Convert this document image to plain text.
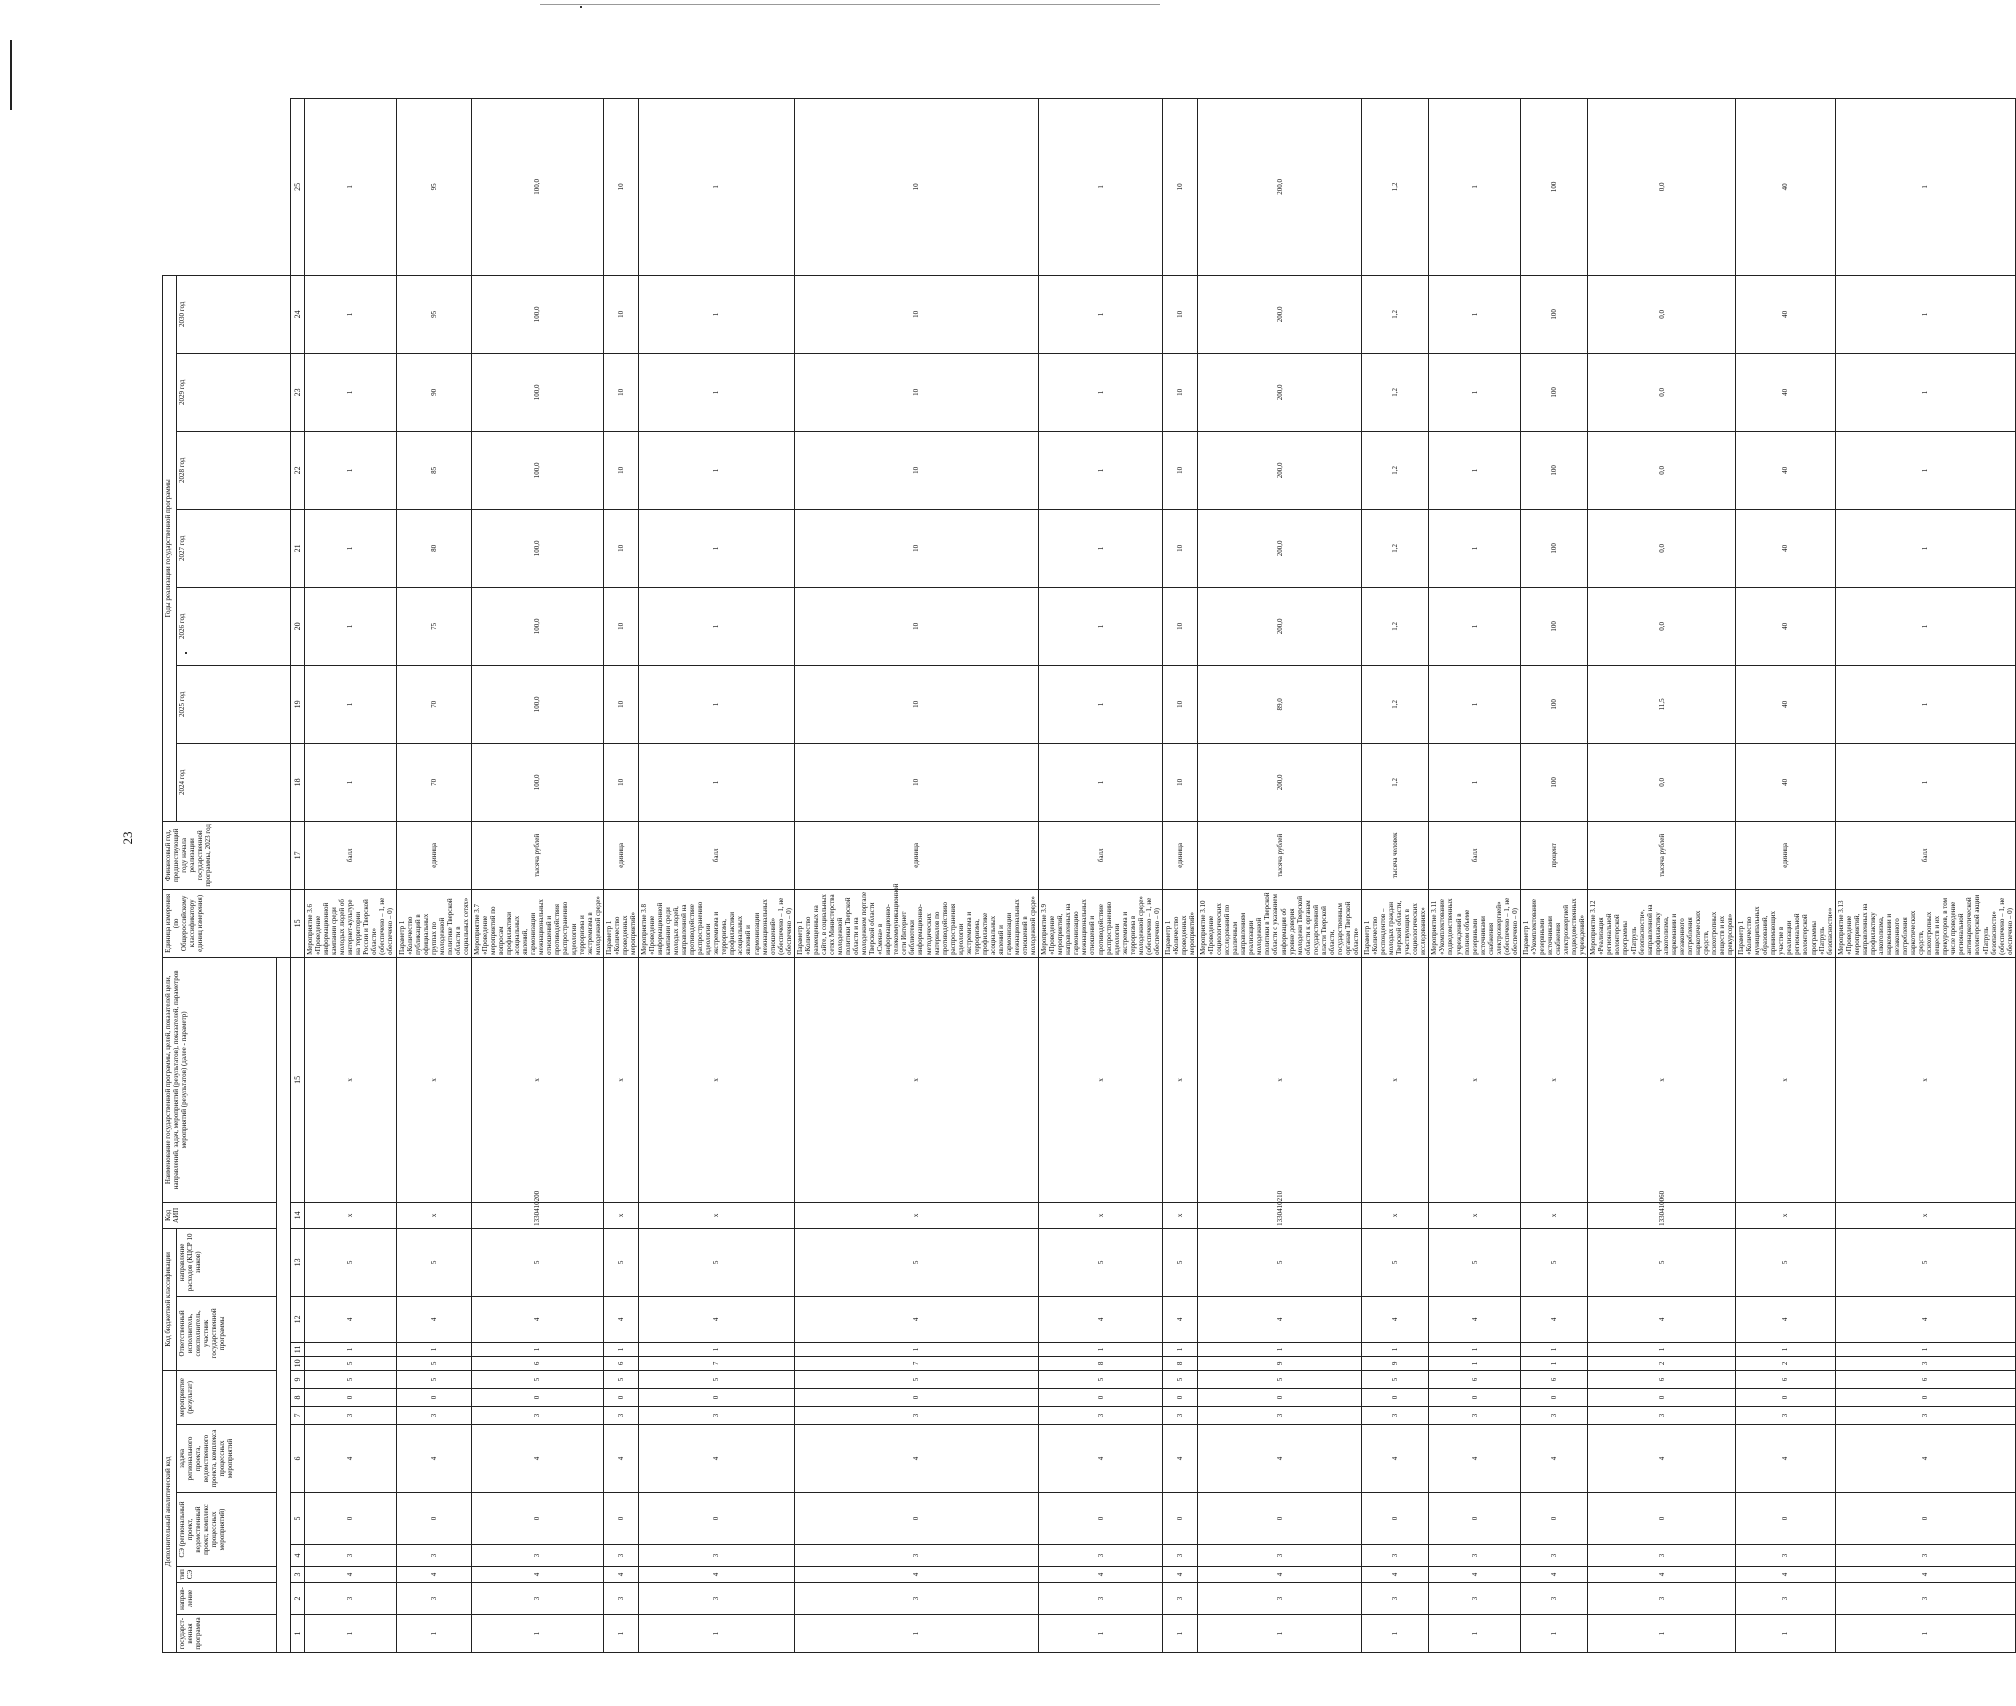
23
Дополнительный аналитический код									Код бюджетной классификации				Код АИП	Наименование государственной программы, целей, показателей цели, направлений, задач, мероприятий (результатов), показателей, параметров мероприятий (результатов) (далее - параметр)	Единица измерения (по Общероссийскому классификатору единиц измерения)	Финансовый год, предшествующий году начала реализации государственной программы, 2023 год	Годы реализации государственной программы							
государст-венная программа	направ-ление	тип СЭ	СЭ (региональный проект, ведомственный проект, комплекс процессных мероприятий)		задача регионального проекта, ведомственного проекта, комплекса процессных мероприятий	мероприятие (результат)			Ответственный исполнитель, соисполнитель, участник государственной программы			направление расходов (КЦСР 10 знаков)					2024 год	2025 год	2026 год	2027 год	2028 год	2029 год	2030 год	

1	2	3	4	5	6	7	8	9	10	11	12	13	14	15	15	17	18	19	20	21	22	23	24	25
1	3	4	3	0	4	3	0	5	5	1	4	5	х	х	Мероприятие 3.6 «Проведение информационной кампании среди молодых людей об интернет-культуре на территории России и Тверской области» (обеспечено – 1, не обеспечено – 0)	балл	1	1	1	1	1	1	1	1
1	3	4	3	0	4	3	0	5	5	1	4	5	х	х	Параметр 1 «Количество публикаций в официальных группах по молодежной политике Тверской области в социальных сетях»	единица	70	70	75	80	85	90	95	95
1	3	4	3	0	4	3	0	5	6	1	4	5	1330410200	х	Мероприятие 3.7 «Проведение мероприятий по вопросам профилактики асоциальных явлений, гармонизации межнациональных отношений и противодействия распространению идеологии терроризма и экстремизма в молодежной среде»	тысяча рублей	100,0	100,0	100,0	100,0	100,0	100,0	100,0	100,0
1	3	4	3	0	4	3	0	5	6	1	4	5	х	х	Параметр 1 «Количество проведенных мероприятий»	единица	10	10	10	10	10	10	10	10
1	3	4	3	0	4	3	0	5	7	1	4	5	х	х	Мероприятие 3.8 «Проведение информационной кампании среди молодых людей, направленной на противодействие распространению идеологии экстремизма и терроризма, профилактики асоциальных явлений и гармонизации межнациональных отношений» (обеспечено – 1, не обеспечено – 0)	балл	1	1	1	1	1	1	1	1
1	3	4	3	0	4	3	0	5	7	1	4	5	х	х	Параметр 1 «Количество размещенных на сайте, в социальных сетях Министерства молодежной политики Тверской области и на молодежном портале Тверской области «Смена» в информационно-телекоммуникационной сети Интернет библиотеки информационно-методических материалов по противодействию распространения идеологии экстремизма и терроризма, профилактике асоциальных явлений и гармонизации межнациональных отношений в молодежной среде»	единица	10	10	10	10	10	10	10	10
1	3	4	3	0	4	3	0	5	8	1	4	5	х	х	Мероприятие 3.9 «Проведение мероприятий, направленных на гармонизацию межнациональных отношений и противодействие распространению идеологии экстремизма и терроризма в молодежной среде» (обеспечено – 1, не обеспечено – 0)	балл	1	1	1	1	1	1	1	1
1	3	4	3	0	4	3	0	5	8	1	4	5	х	х	Параметр 1 «Количество проведенных мероприятий»	единица	10	10	10	10	10	10	10	10
1	3	4	3	0	4	3	0	5	9	1	4	5	1330410210	х	Мероприятие 3.10 «Проведение социологических исследований по различным направлениям реализации молодежной политики в Тверской области с указанием информации об уровне доверия молодежи Тверской области к органам государственной власти Тверской области, государственным органам Тверской области»	тысяча рублей	200,0	89,0	200,0	200,0	200,0	200,0	200,0	200,0
1	3	4	3	0	4	3	0	5	9	1	4	5	х	х	Параметр 1 «Количество респондентов – молодых граждан Тверской области, участвующих в социологических исследованиях»	тысяча человек	1,2	1,2	1,2	1,2	1,2	1,2	1,2	1,2
1	3	4	3	0	4	3	0	6	1	1	4	5	х	х	Мероприятие 3.11 «Укомплектование подведомственных учреждений в полном объеме резервными источниками снабжения электроэнергией» (обеспечено – 1, не обеспечено – 0)	балл	1	1	1	1	1	1	1	1
1	3	4	3	0	4	3	0	6	1	1	4	5	х	х	Параметр 1 «Укомплектование резервными источниками снабжения электроэнергией подведомственных учреждений»	процент	100	100	100	100	100	100	100	100
1	3	4	3	0	4	3	0	6	2	1	4	5	1330410060	х	Мероприятие 3.12 «Реализация региональной волонтерской программы «Патруль безопасности», направленной на профилактику алкоголизма, наркомании и незаконного потребления наркотических средств, психотропных веществ и их прекурсоров»	тысяча рублей	0,0	11,5	0,0	0,0	0,0	0,0	0,0	0,0
1	3	4	3	0	4	3	0	6	2	1	4	5	х	х	Параметр 1 «Количество муниципальных образований, принимающих участие в реализации региональной волонтерской программы «Патруль безопасности»»	единица	40	40	40	40	40	40	40	40
1	3	4	3	0	4	3	0	6	3	1	4	5	х	х	Мероприятие 3.13 «Проведение мероприятий, направленных на профилактику алкоголизма, наркомании и незаконного потребления наркотических средств, психотропных веществ и их прекурсоров, в том числе проведение региональной антинаркотической волонтерской акции «Патруль безопасности» (обеспечено – 1, не обеспечено – 0)	балл	1	1	1	1	1	1	1	1
